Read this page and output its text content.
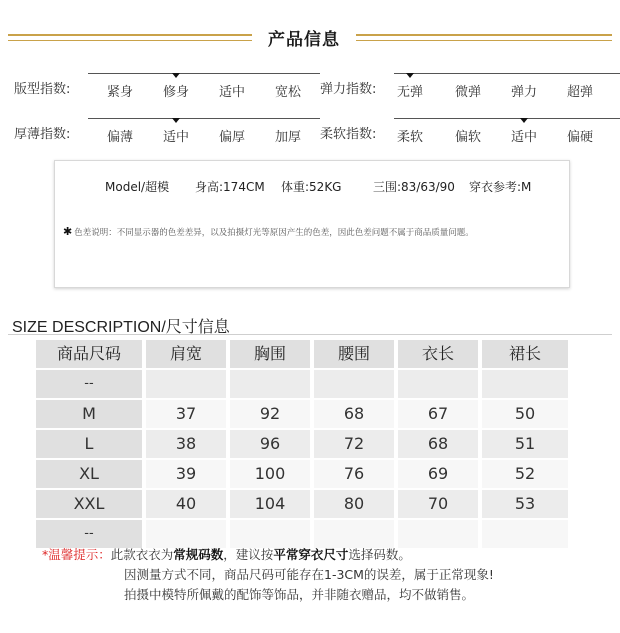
产品信息
版型指数:	紧身 修身 适中 宽松 弹力指数: 无弹 微弹 弹力 超弹
厚薄指数:	偏薄 适中 偏厚 加厚 柔软指数: 柔软 偏软 适中 偏硬
Model/超模 身高:174CM 体重:52KG	三围:83/63/90 穿衣参考:M
✱ 色差说明：不同显示器的色差差异，以及拍摄灯光等原因产生的色差，因此色差问题不属于商品质量问题。
SIZE DESCRIPTION/尺寸信息
商品尺码	肩宽	胸围	腰围	衣长	裙长
--
M	37	92	68	67	50
L	38	96	72	68	51
XL	39	100	76	69	52
XXL	40	104	80	70	53
--
*温馨提示：此款衣衣为常规码数，建议按平常穿衣尺寸选择码数。
因测量方式不同，商品尺码可能存在1-3CM的误差，属于正常现象!
拍摄中模特所佩戴的配饰等饰品，并非随衣赠品，均不做销售。
